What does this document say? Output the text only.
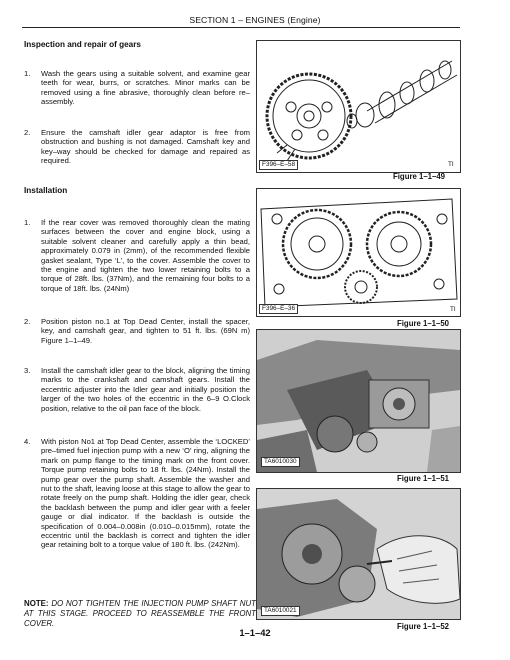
SECTION 1 – ENGINES (Engine)
Inspection and repair of gears
1. Wash the gears using a suitable solvent, and examine gear teeth for wear, burrs, or scratches. Minor marks can be removed using a fine abrasive, thoroughly clean before re–assembly.
2. Ensure the camshaft idler gear adaptor is free from obstruction and bushing is not damaged. Camshaft key and key–way should be checked for damage and repaired as required.
Installation
1. If the rear cover was removed thoroughly clean the mating surfaces between the cover and engine block, using a suitable solvent cleaner and carefully apply a thin bead, approximately 0.079 in (2mm), of the recommended flexible gasket sealant, Type ‘L’, to the cover. Assemble the cover to the engine and tighten the two lower retaining bolts to a torque of 28ft. lbs. (37Nm), and the remaining four bolts to a torque of 18ft. lbs. (24Nm)
2. Position piston no.1 at Top Dead Center, install the spacer, key, and camshaft gear, and tighten to 51 ft. lbs. (69N m) Figure 1–1–49.
3. Install the camshaft idler gear to the block, aligning the timing marks to the crankshaft and camshaft gears. Install the eccentric adjuster into the Idler gear and initially position the larger of the two holes of the eccentric in the 6–9 O.Clock position, relative to the oil pan face of the block.
4. With piston No1 at Top Dead Center, assemble the ‘LOCKED’ pre–timed fuel injection pump with a new ‘O’ ring, aligning the mark on pump flange to the timing mark on the front cover. Torque pump retaining bolts to 18 ft. lbs. (24Nm). Install the pump gear over the pump shaft. Assemble the washer and nut to the shaft, leaving loose at this stage to allow the gear to rotate freely on the pump shaft. Holding the idler gear, check the backlash between the pump and idler gear with a feeler gauge or dial indicator. If the backlash is outside the specification of 0.004–0.008in (0.010–0.015mm), rotate the eccentric until the backlash is correct and tighten the idler gear retaining bolt to a torque value of 180 ft. lbs. (242Nm).
NOTE: DO NOT TIGHTEN THE INJECTION PUMP SHAFT NUT AT THIS STAGE. PROCEED TO REASSEMBLE THE FRONT COVER.
1–1–42
F396–E–58	TI
Figure 1–1–49
F396–E–36	TI
Figure 1–1–50
TA6010030
Figure 1–1–51
TA6010021
Figure 1–1–52
